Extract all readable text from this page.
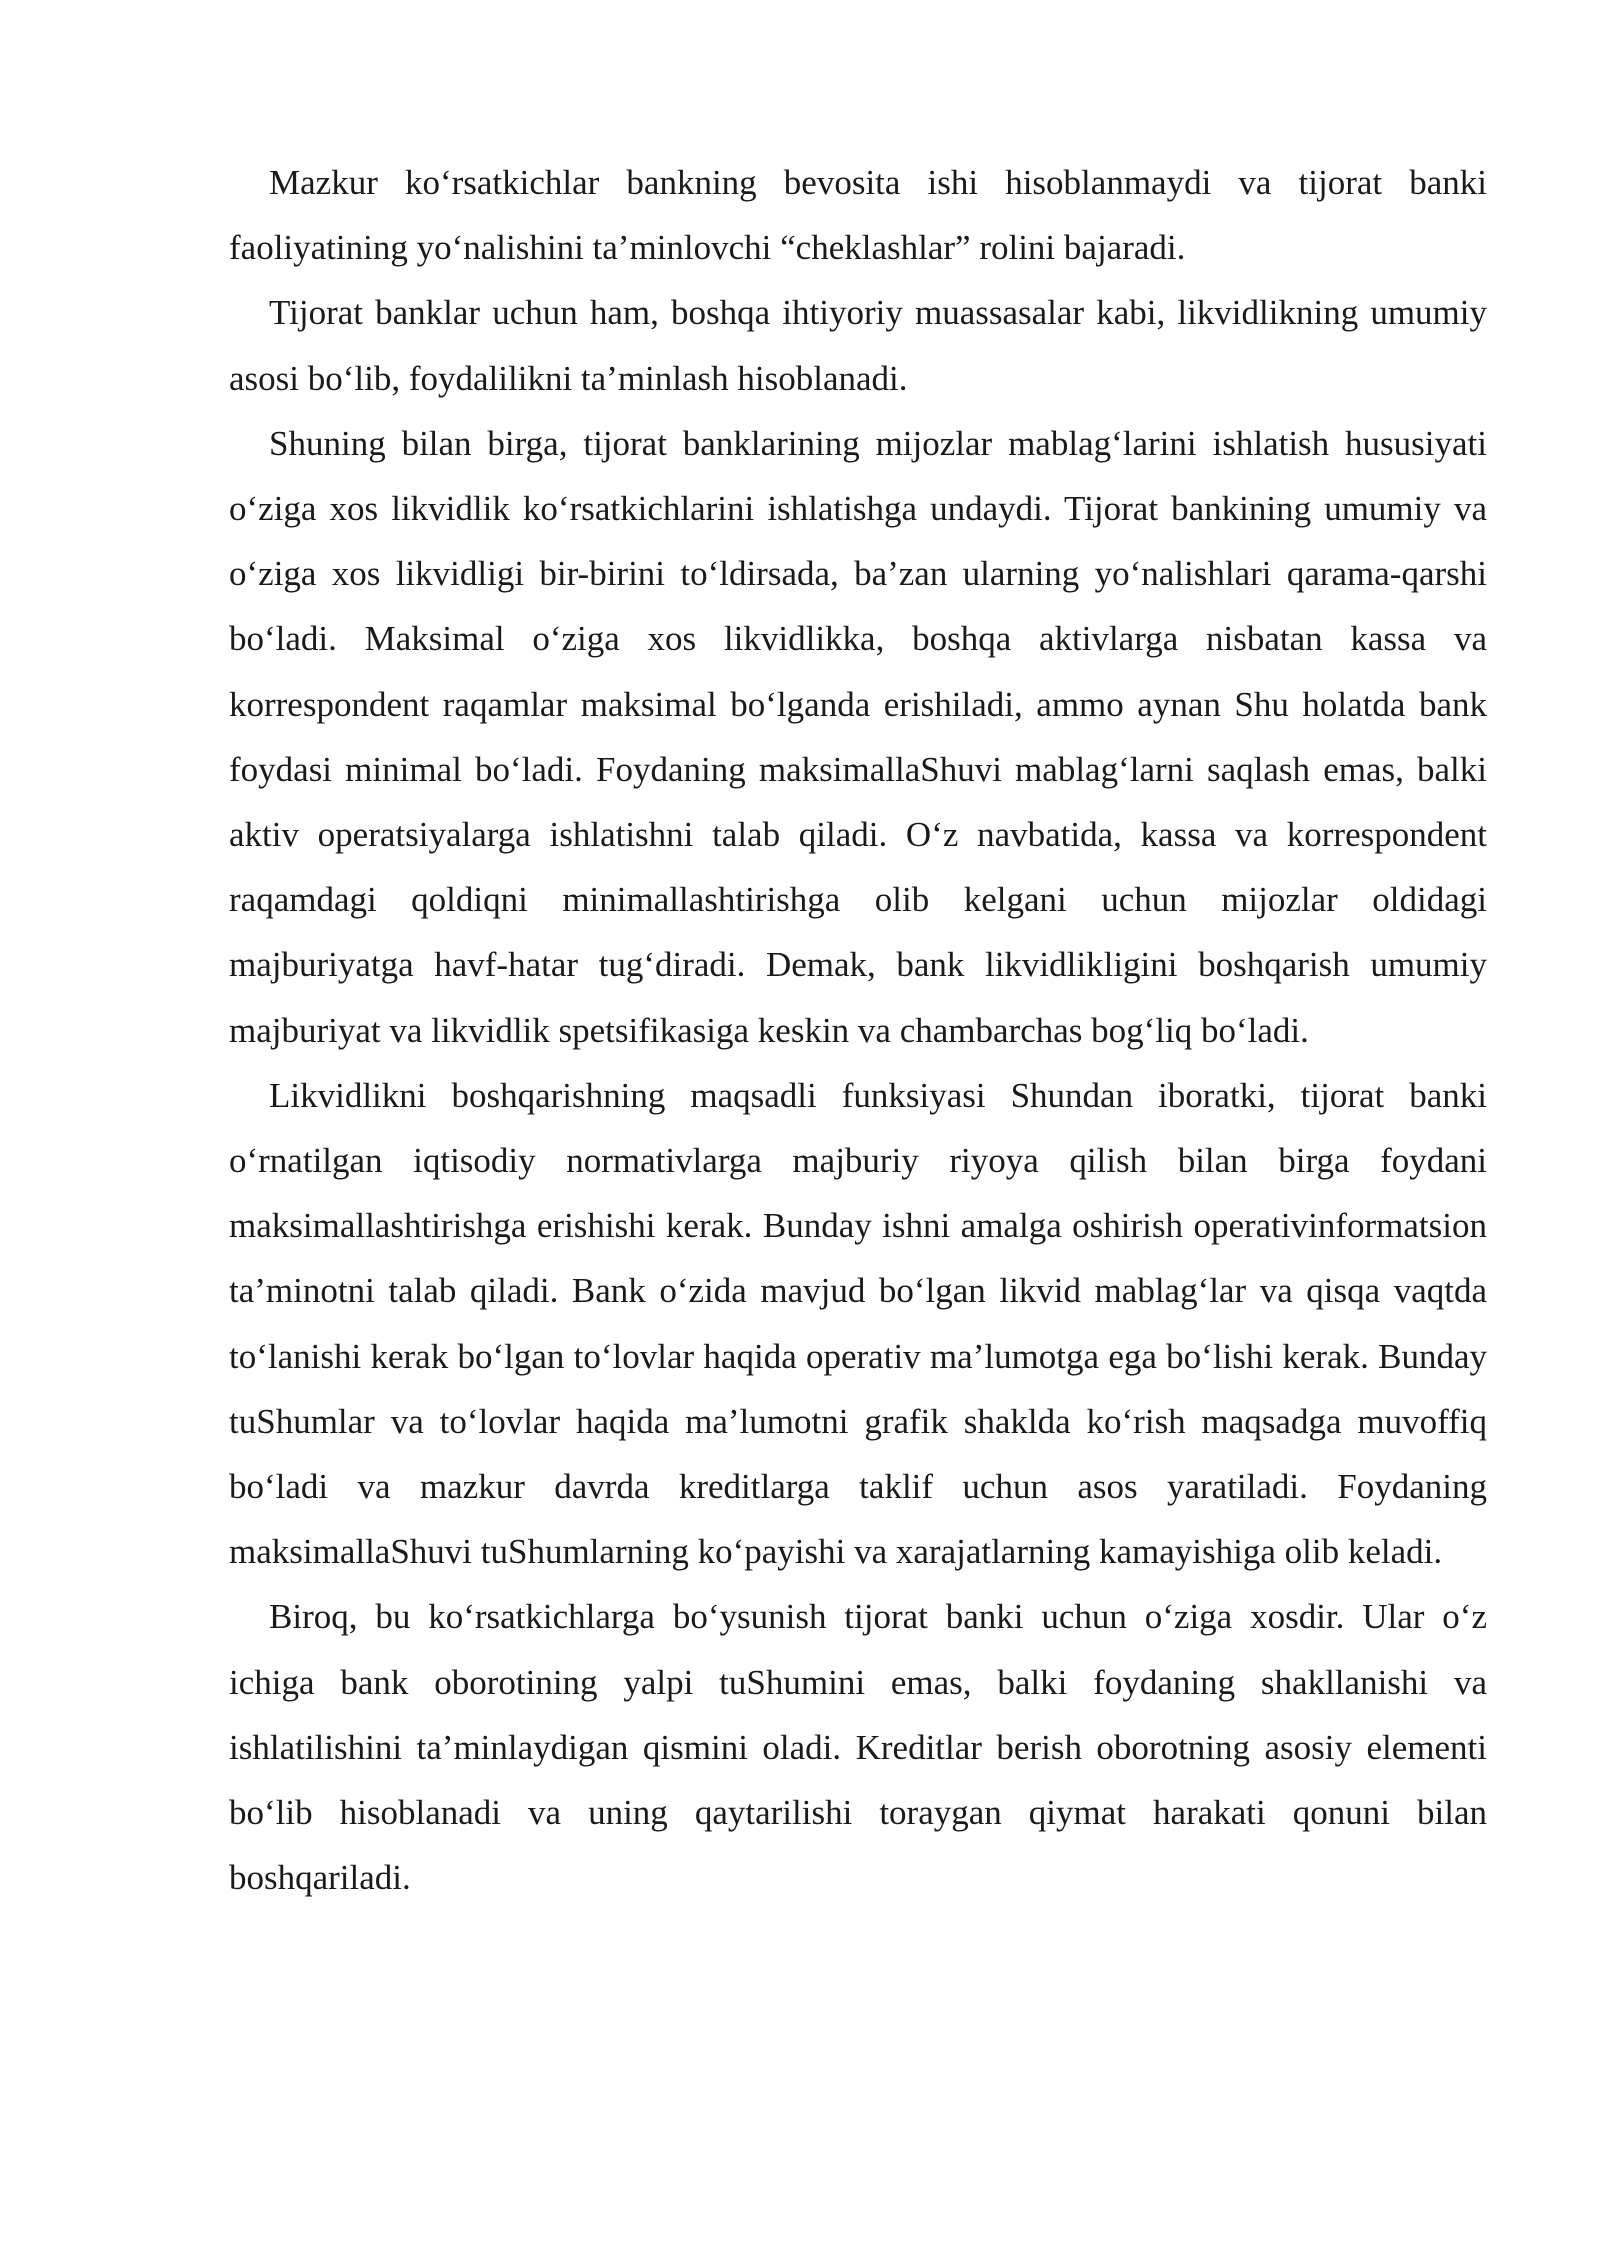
Mazkur ko‘rsatkichlar bankning bevosita ishi hisoblanmaydi va tijorat banki faoliyatining yo‘nalishini ta’minlovchi “cheklashlar” rolini bajaradi.

Tijorat banklar uchun ham, boshqa ihtiyoriy muassasalar kabi, likvidlikning umumiy asosi bo‘lib, foydalilikni ta’minlash hisoblanadi.

Shuning bilan birga, tijorat banklarining mijozlar mablag‘larini ishlatish hususiyati o‘ziga xos likvidlik ko‘rsatkichlarini ishlatishga undaydi. Tijorat bankining umumiy va o‘ziga xos likvidligi bir-birini to‘ldirsada, ba’zan ularning yo‘nalishlari qarama-qarshi bo‘ladi. Maksimal o‘ziga xos likvidlikka, boshqa aktivlarga nisbatan kassa va korrespondent raqamlar maksimal bo‘lganda erishiladi, ammo aynan Shu holatda bank foydasi minimal bo‘ladi. Foydaning maksimallaShuvi mablag‘larni saqlash emas, balki aktiv operatsiyalarga ishlatishni talab qiladi. O‘z navbatida, kassa va korrespondent raqamdagi qoldiqni minimallashtirishga olib kelgani uchun mijozlar oldidagi majburiyatga havf-hatar tug‘diradi. Demak, bank likvidlikligini boshqarish umumiy majburiyat va likvidlik spetsifikasiga keskin va chambarchas bog‘liq bo‘ladi.

Likvidlikni boshqarishning maqsadli funksiyasi Shundan iboratki, tijorat banki o‘rnatilgan iqtisodiy normativlarga majburiy riyoya qilish bilan birga foydani maksimallashtirishga erishishi kerak. Bunday ishni amalga oshirish operativinformatsion ta’minotni talab qiladi. Bank o‘zida mavjud bo‘lgan likvid mablag‘lar va qisqa vaqtda to‘lanishi kerak bo‘lgan to‘lovlar haqida operativ ma’lumotga ega bo‘lishi kerak. Bunday tuShumlar va to‘lovlar haqida ma’lumotni grafik shaklda ko‘rish maqsadga muvoffiq bo‘ladi va mazkur davrda kreditlarga taklif uchun asos yaratiladi. Foydaning maksimallaShuvi tuShumlarning ko‘payishi va xarajatlarning kamayishiga olib keladi.

Biroq, bu ko‘rsatkichlarga bo‘ysunish tijorat banki uchun o‘ziga xosdir. Ular o‘z ichiga bank oborotining yalpi tuShumini emas, balki foydaning shakllanishi va ishlatilishini ta’minlaydigan qismini oladi. Kreditlar berish oborotning asosiy elementi bo‘lib hisoblanadi va uning qaytarilishi toraygan qiymat harakati qonuni bilan boshqariladi.
